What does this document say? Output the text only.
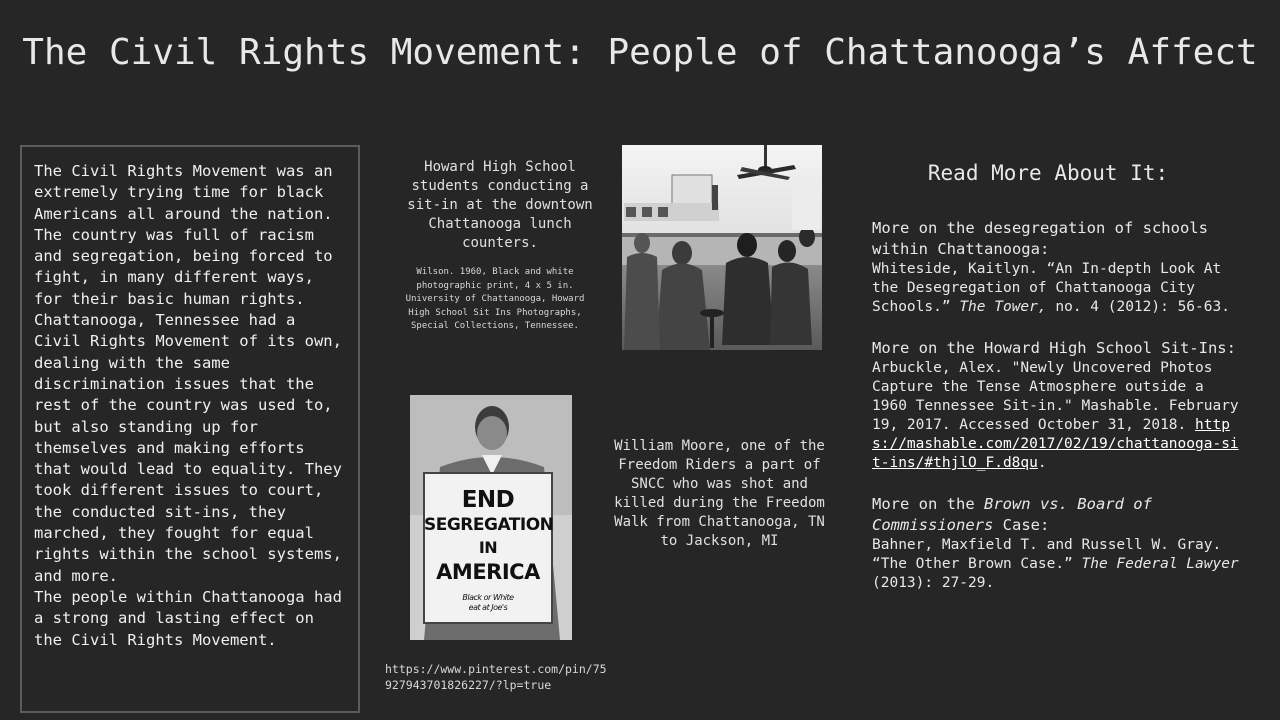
The Civil Rights Movement: People of Chattanooga’s Affect

The Civil Rights Movement was an extremely trying time for black Americans all around the nation. The country was full of racism and segregation, being forced to fight, in many different ways, for their basic human rights.

Chattanooga, Tennessee had a Civil Rights Movement of its own, dealing with the same discrimination issues that the rest of the country was used to, but also standing up for themselves and making efforts that would lead to equality. They took different issues to court, the conducted sit-ins, they marched, they fought for equal rights within the school systems, and more.

The people within Chattanooga had a strong and lasting effect on the Civil Rights Movement.

Howard High School students conducting a sit-in at the downtown Chattanooga lunch counters.
Wilson. 1960, Black and white photographic print, 4 x 5 in. University of Chattanooga, Howard High School Sit Ins Photographs, Special Collections, Tennessee.
END
SEGREGATION
IN
AMERICA
Black or White eat at Joe's
William Moore, one of the Freedom Riders a part of SNCC who was shot and killed during the Freedom Walk from Chattanooga, TN to Jackson, MI
https://www.pinterest.com/pin/75927943701826227/?lp=true
Read More About It:
More on the desegregation of schools within Chattanooga:
Whiteside, Kaitlyn. “An In-depth Look At the Desegregation of Chattanooga City Schools.” The Tower, no. 4 (2012): 56-63.
More on the Howard High School Sit-Ins:
Arbuckle, Alex. "Newly Uncovered Photos Capture the Tense Atmosphere outside a 1960 Tennessee Sit-in." Mashable. February 19, 2017. Accessed October 31, 2018. https://mashable.com/2017/02/19/chattanooga-sit-ins/#thjlO_F.d8qu.
More on the Brown vs. Board of Commissioners Case:
Bahner, Maxfield T. and Russell W. Gray. “The Other Brown Case.” The Federal Lawyer (2013): 27-29.
